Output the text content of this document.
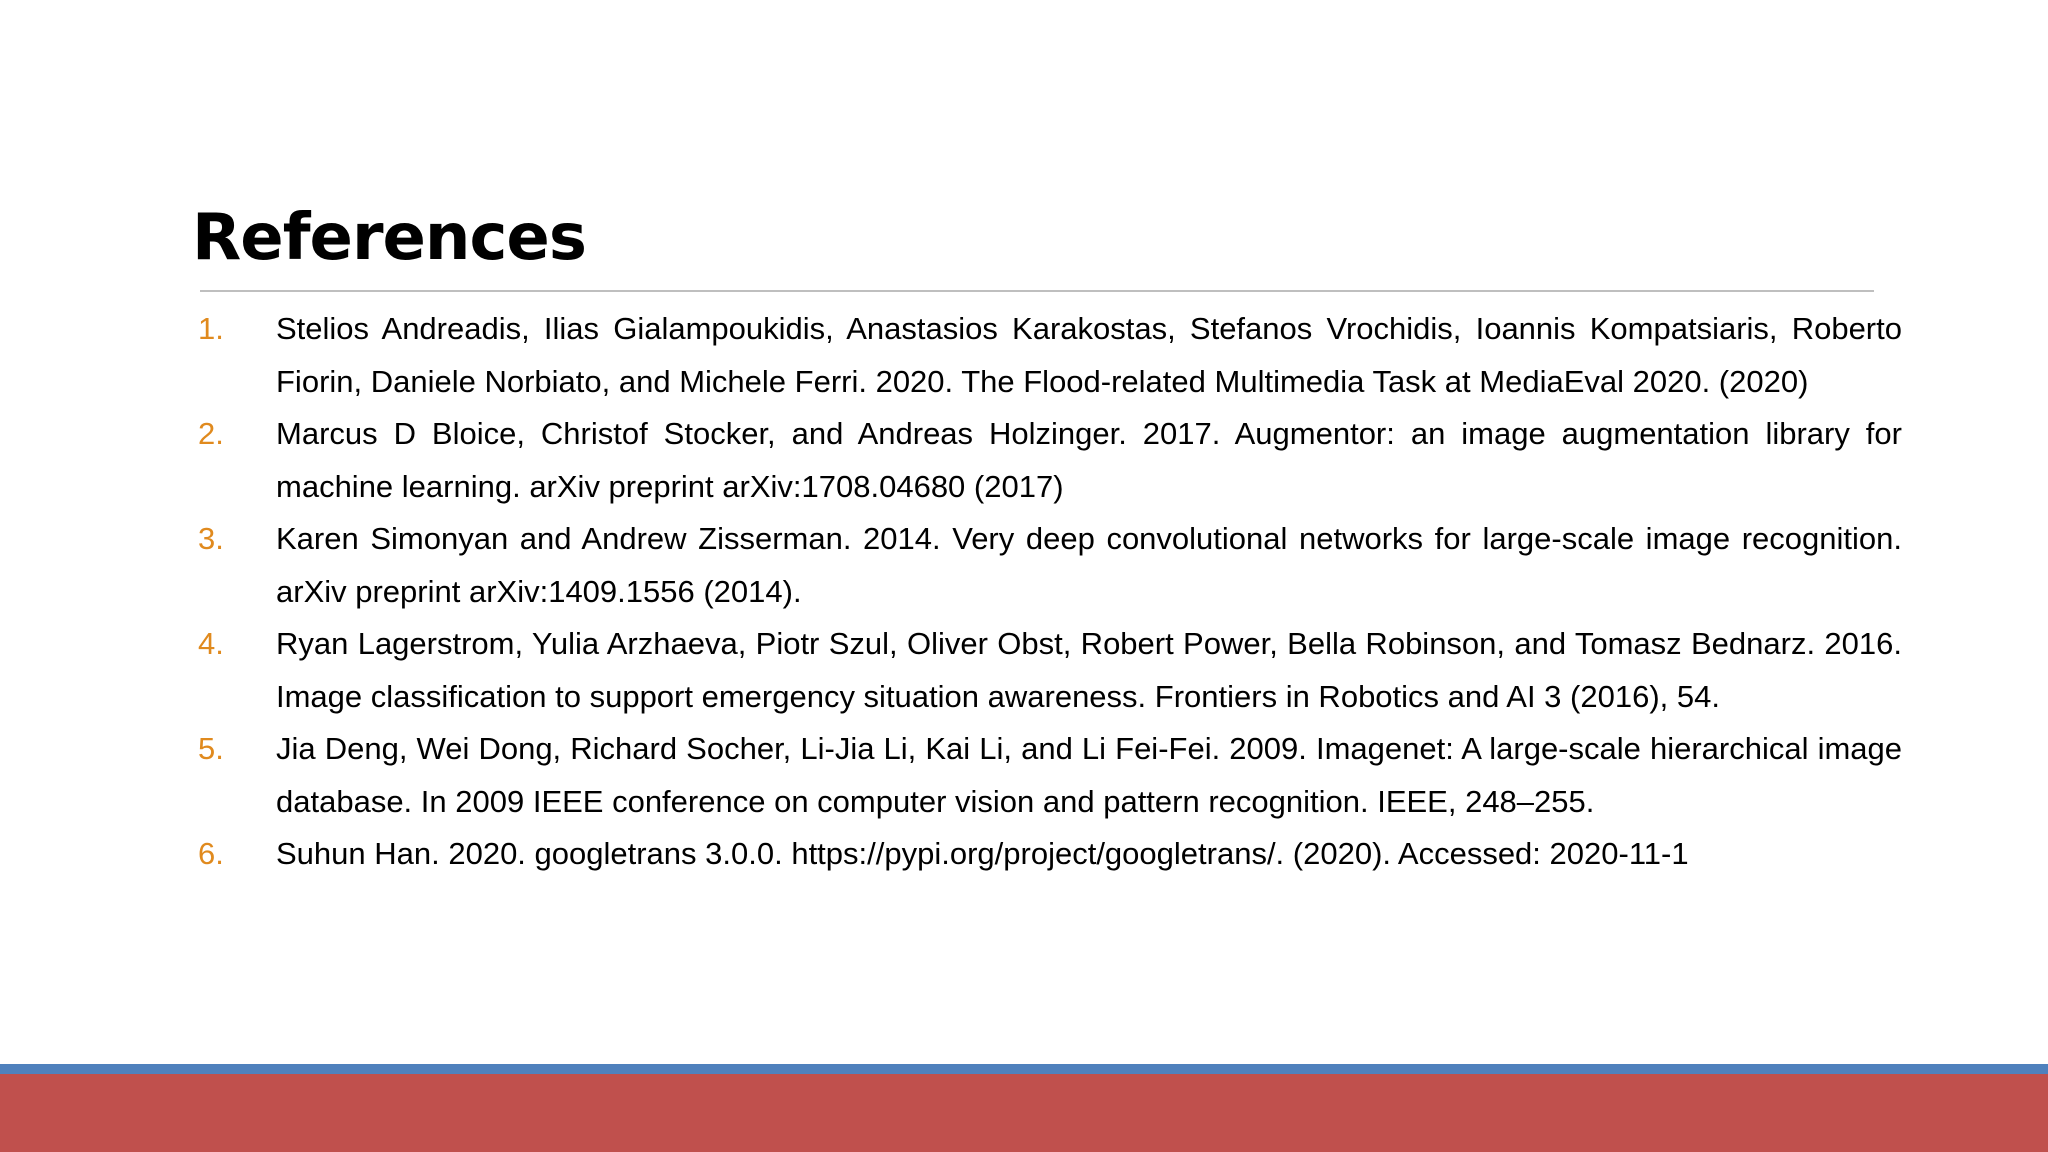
References
1. Stelios Andreadis, Ilias Gialampoukidis, Anastasios Karakostas, Stefanos Vrochidis, Ioannis Kompatsiaris, Roberto Fiorin, Daniele Norbiato, and Michele Ferri. 2020. The Flood-related Multimedia Task at MediaEval 2020. (2020)
2. Marcus D Bloice, Christof Stocker, and Andreas Holzinger. 2017. Augmentor: an image augmentation library for machine learning. arXiv preprint arXiv:1708.04680 (2017)
3. Karen Simonyan and Andrew Zisserman. 2014. Very deep convolutional networks for large-scale image recognition. arXiv preprint arXiv:1409.1556 (2014).
4. Ryan Lagerstrom, Yulia Arzhaeva, Piotr Szul, Oliver Obst, Robert Power, Bella Robinson, and Tomasz Bednarz. 2016. Image classification to support emergency situation awareness. Frontiers in Robotics and AI 3 (2016), 54.
5. Jia Deng, Wei Dong, Richard Socher, Li-Jia Li, Kai Li, and Li Fei-Fei. 2009. Imagenet: A large-scale hierarchical image database. In 2009 IEEE conference on computer vision and pattern recognition. IEEE, 248–255.
6. Suhun Han. 2020. googletrans 3.0.0. https://pypi.org/project/googletrans/. (2020). Accessed: 2020-11-1
